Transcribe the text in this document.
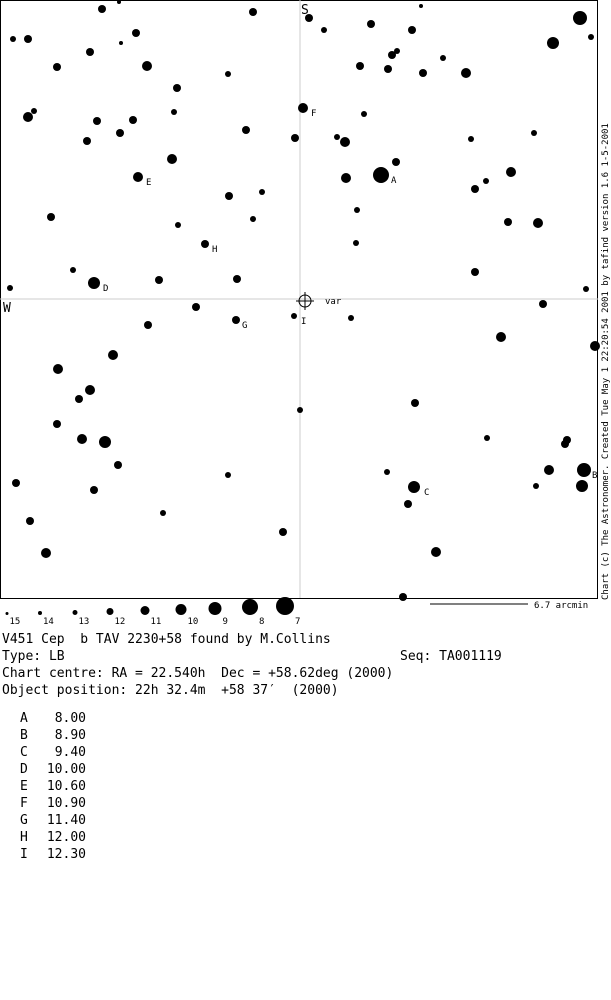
A
B
C
D
E
F
G
H
I
var
S
W
6.7 arcmin
15	14	13	12	11	10	9	8	7
Chart (c) The Astronomer. Created Tue May 1 22:20:54 2001 by tafind version 1.6 1-5-2001
V451 Cep  b TAV 2230+58 found by M.Collins
Type: LB	Seq: TA001119
Chart centre: RA = 22.540h  Dec = +58.62deg (2000)
Object position: 22h 32.4m  +58 37′  (2000)
A	8.00
B	8.90
C	9.40
D	10.00
E	10.60
F	10.90
G	11.40
H	12.00
I	12.30
